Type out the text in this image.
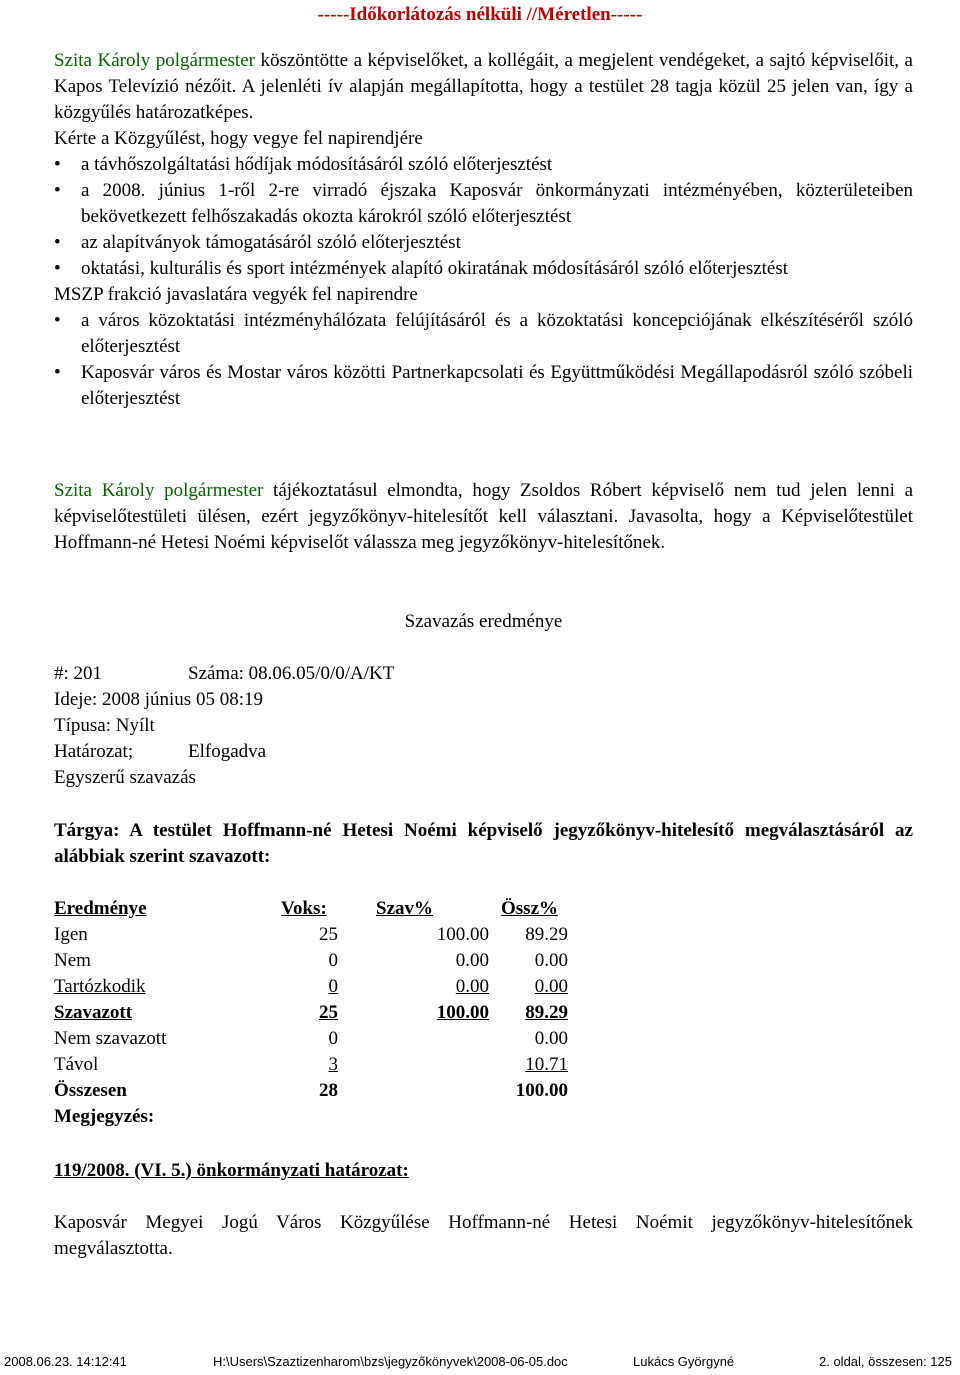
-----Időkorlátozás nélküli //Méretlen-----

Szita Károly polgármester köszöntötte a képviselőket, a kollégáit, a megjelent vendégeket, a sajtó képviselőit, a Kapos Televízió nézőit. A jelenléti ív alapján megállapította, hogy a testület 28 tagja közül 25 jelen van, így a közgyűlés határozatképes.

Kérte a Közgyűlést, hogy vegye fel napirendjére

• a távhőszolgáltatási hődíjak módosításáról szóló előterjesztést
• a 2008. június 1-ről 2-re virradó éjszaka Kaposvár önkormányzati intézményében, közterületeiben bekövetkezett felhőszakadás okozta károkról szóló előterjesztést
• az alapítványok támogatásáról szóló előterjesztést
• oktatási, kulturális és sport intézmények alapító okiratának módosításáról szóló előterjesztést

MSZP frakció javaslatára vegyék fel napirendre

• a város közoktatási intézményhálózata felújításáról és a közoktatási koncepciójának elkészítéséről szóló előterjesztést
• Kaposvár város és Mostar város közötti Partnerkapcsolati és Együttműködési Megállapodásról szóló szóbeli előterjesztést

Szita Károly polgármester tájékoztatásul elmondta, hogy Zsoldos Róbert képviselő nem tud jelen lenni a képviselőtestületi ülésen, ezért jegyzőkönyv-hitelesítőt kell választani. Javasolta, hogy a Képviselőtestület Hoffmann-né Hetesi Noémi képviselőt válassza meg jegyzőkönyv-hitelesítőnek.

Szavazás eredménye
#: 201	Száma: 08.06.05/0/0/A/KT
Ideje: 2008 június 05 08:19
Típusa: Nyílt
Határozat;	Elfogadva
Egyszerű szavazás
Tárgya: A testület Hoffmann-né Hetesi Noémi képviselő jegyzőkönyv-hitelesítő megválasztásáról az alábbiak szerint szavazott:
Eredménye	Voks:	Szav%	Össz%
Igen	25	100.00	89.29
Nem	0	0.00	0.00
Tartózkodik	0	0.00	0.00
Szavazott	25	100.00	89.29
Nem szavazott	0		0.00
Távol	3		10.71
Összesen	28		100.00
Megjegyzés:			
119/2008. (VI. 5.) önkormányzati határozat:
Kaposvár Megyei Jogú Város Közgyűlése Hoffmann-né Hetesi Noémit jegyzőkönyv-hitelesítőnek megválasztotta.
2008.06.23. 14:12:41	H:\Users\Szaztizenharom\bzs\jegyzőkönyvek\2008-06-05.doc	Lukács Györgyné	2. oldal, összesen: 125
